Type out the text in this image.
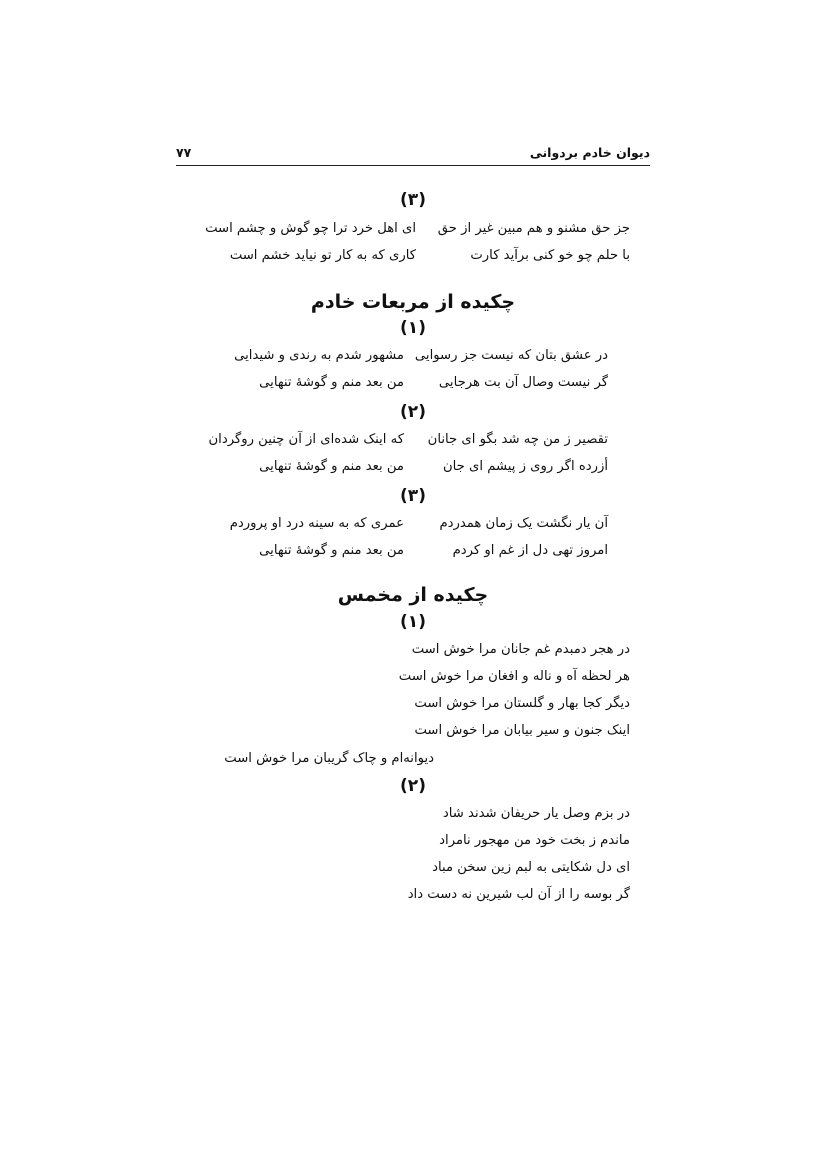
دیوان خادم بردوانی
۷۷
(۳)
جز حق مشنو و هم مبین غیر از حق
ای اهل خرد ترا چو گوش و چشم است
با حلم چو خو کنی برآید کارت
کاری که به کار تو نیاید خشم است
چکیده از مربعات خادم
(۱)
در عشق بتان که نیست جز رسوایی
مشهور شدم به رندی و شیدایی
گر نیست وصال آن بت هرجایی
من بعد منم و گوشهٔ تنهایی
(۲)
تقصیر ز من چه شد بگو ای جانان
که اینک شده‌ای از آن چنین روگردان
أزرده اگر روی ز پیشم ای جان
من بعد منم و گوشهٔ تنهایی
(۳)
آن یار نگشت یک زمان همدردم
عمری که به سینه درد او پروردم
امروز تهی دل از غم او کردم
من بعد منم و گوشهٔ تنهایی
چکیده از مخمس
(۱)
در هجر دمبدم غم جانان مرا خوش است
هر لحظه آه و ناله و افغان مرا خوش است
دیگر کجا بهار و گلستان مرا خوش است
اینک جنون و سیر بیابان مرا خوش است
دیوانه‌ام و چاک گریبان مرا خوش است
(۲)
در بزم وصل یار حریفان شدند شاد
ماندم ز بخت خود من مهجور نامراد
ای دل شکایتی به لبم زین سخن مباد
گر بوسه را از آن لب شیرین نه دست داد
